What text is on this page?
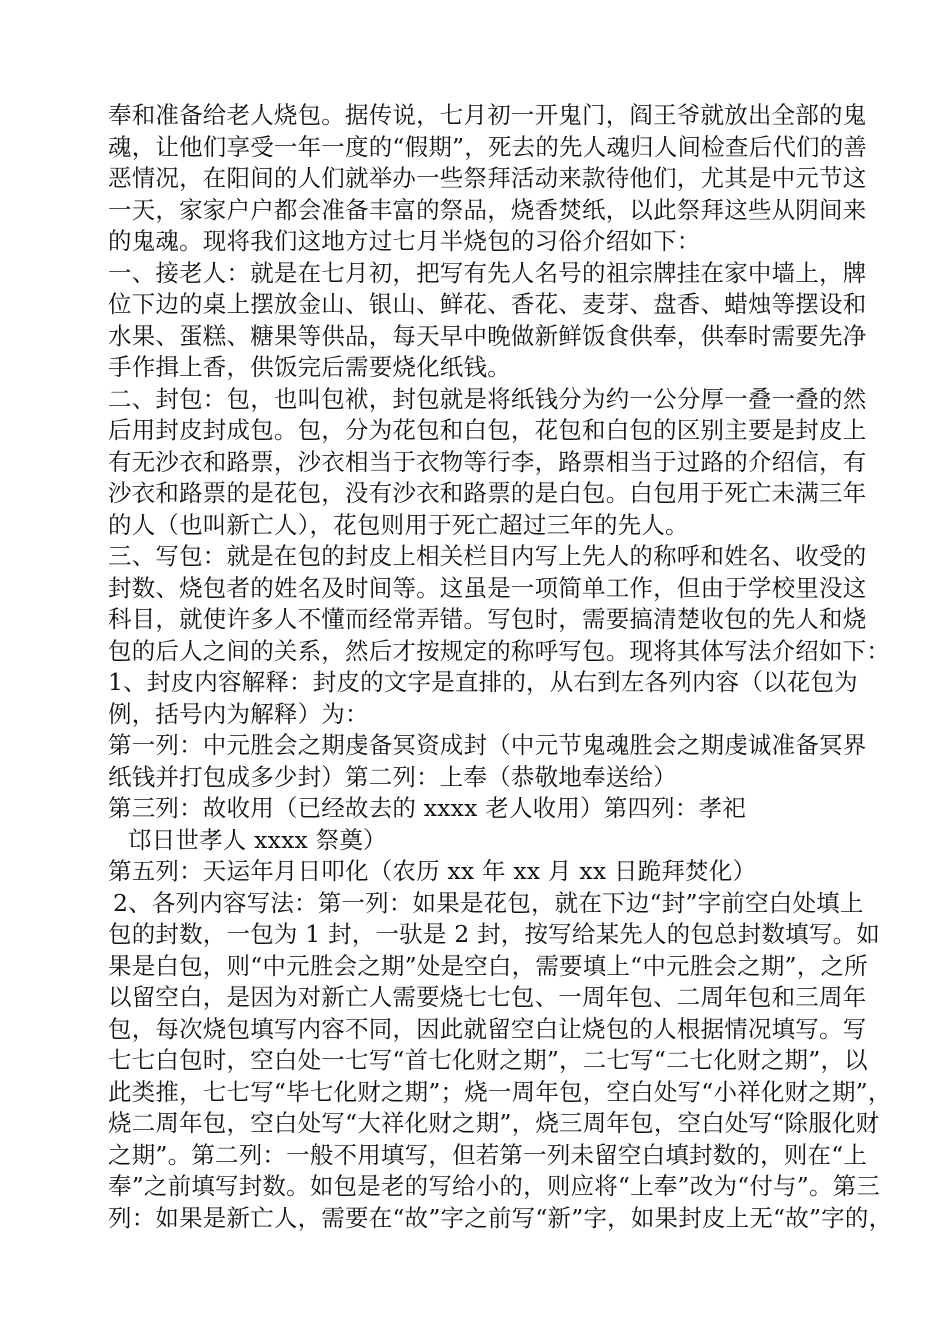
奉和准备给老人烧包。据传说，七月初一开鬼门，阎王爷就放出全部的鬼
魂，让他们享受一年一度的“假期”，死去的先人魂归人间检查后代们的善
恶情况，在阳间的人们就举办一些祭拜活动来款待他们，尤其是中元节这
一天，家家户户都会准备丰富的祭品，烧香焚纸，以此祭拜这些从阴间来
的鬼魂。现将我们这地方过七月半烧包的习俗介绍如下：
一、接老人：就是在七月初，把写有先人名号的祖宗牌挂在家中墙上，牌
位下边的桌上摆放金山、银山、鲜花、香花、麦芽、盘香、蜡烛等摆设和
水果、蛋糕、糖果等供品，每天早中晚做新鲜饭食供奉，供奉时需要先净
手作揖上香，供饭完后需要烧化纸钱。
二、封包：包，也叫包袱，封包就是将纸钱分为约一公分厚一叠一叠的然
后用封皮封成包。包，分为花包和白包，花包和白包的区别主要是封皮上
有无沙衣和路票，沙衣相当于衣物等行李，路票相当于过路的介绍信，有
沙衣和路票的是花包，没有沙衣和路票的是白包。白包用于死亡未满三年
的人（也叫新亡人），花包则用于死亡超过三年的先人。
三、写包：就是在包的封皮上相关栏目内写上先人的称呼和姓名、收受的
封数、烧包者的姓名及时间等。这虽是一项简单工作，但由于学校里没这
科目，就使许多人不懂而经常弄错。写包时，需要搞清楚收包的先人和烧
包的后人之间的关系，然后才按规定的称呼写包。现将其体写法介绍如下：
1、封皮内容解释：封皮的文字是直排的，从右到左各列内容（以花包为
例，括号内为解释）为：
第一列：中元胜会之期虔备冥资成封（中元节鬼魂胜会之期虔诚准备冥界
纸钱并打包成多少封）第二列：上奉（恭敬地奉送给）
第三列：故收用（已经故去的 xxxx 老人收用）第四列：孝祀
邙日世孝人 xxxx 祭奠）
第五列：天运年月日叩化（农历 xx 年 xx 月 xx 日跪拜焚化）
2、各列内容写法：第一列：如果是花包，就在下边“封”字前空白处填上
包的封数，一包为 1 封，一驮是 2 封，按写给某先人的包总封数填写。如
果是白包，则“中元胜会之期”处是空白，需要填上“中元胜会之期”，之所
以留空白，是因为对新亡人需要烧七七包、一周年包、二周年包和三周年
包，每次烧包填写内容不同，因此就留空白让烧包的人根据情况填写。写
七七白包时，空白处一七写“首七化财之期”，二七写“二七化财之期”，以
此类推，七七写“毕七化财之期”；烧一周年包，空白处写“小祥化财之期”，
烧二周年包，空白处写“大祥化财之期”，烧三周年包，空白处写“除服化财
之期”。第二列：一般不用填写，但若第一列未留空白填封数的，则在“上
奉”之前填写封数。如包是老的写给小的，则应将“上奉”改为“付与”。第三
列：如果是新亡人，需要在“故”字之前写“新”字，如果封皮上无“故”字的，
